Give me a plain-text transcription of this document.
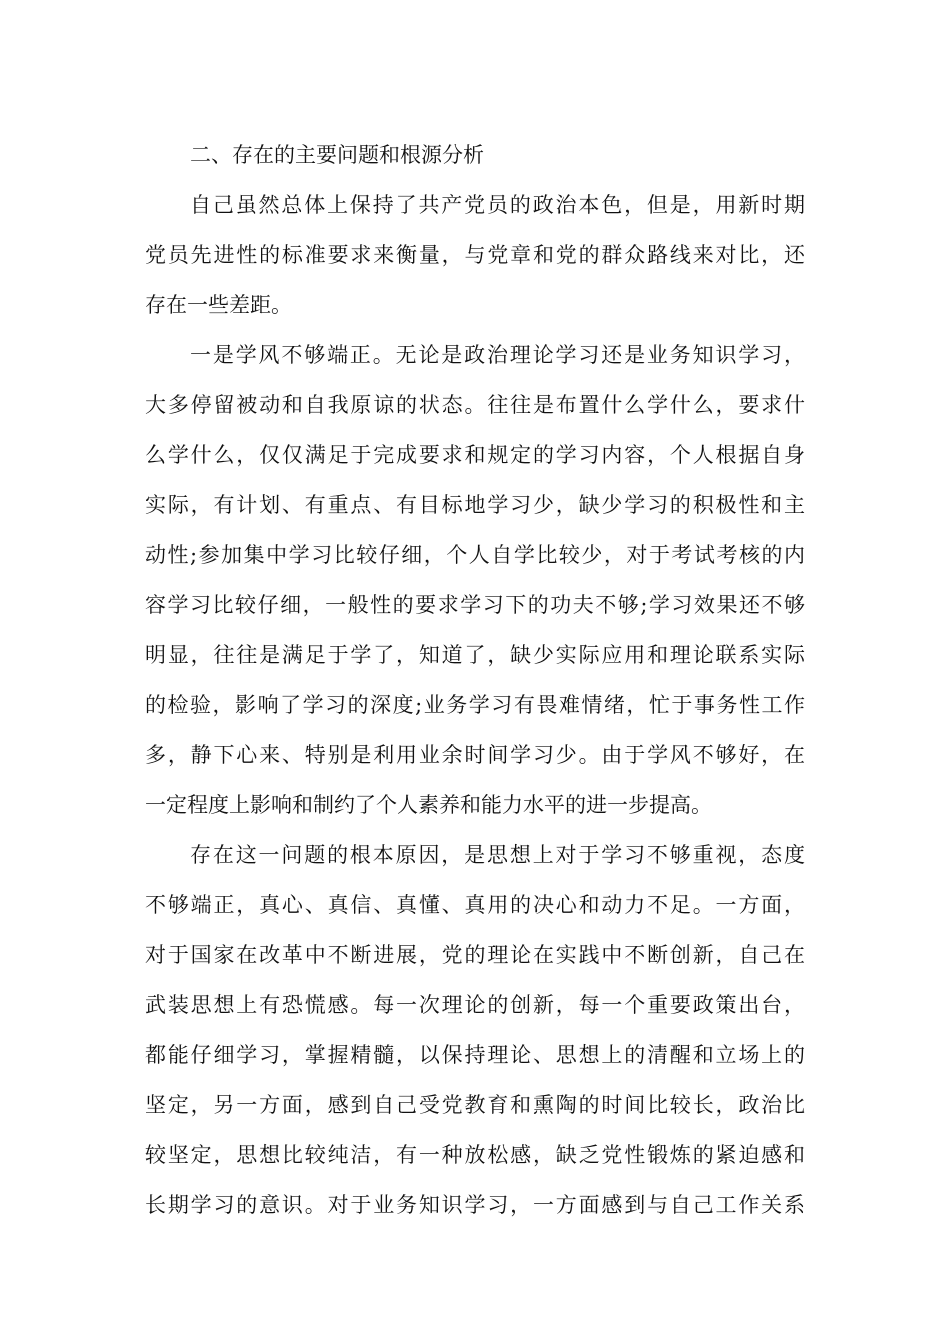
二、存在的主要问题和根源分析
自己虽然总体上保持了共产党员的政治本色，但是，用新时期
党员先进性的标准要求来衡量，与党章和党的群众路线来对比，还
存在一些差距。
一是学风不够端正。无论是政治理论学习还是业务知识学习，
大多停留被动和自我原谅的状态。往往是布置什么学什么，要求什
么学什么，仅仅满足于完成要求和规定的学习内容，个人根据自身
实际，有计划、有重点、有目标地学习少，缺少学习的积极性和主
动性;参加集中学习比较仔细，个人自学比较少，对于考试考核的内
容学习比较仔细，一般性的要求学习下的功夫不够;学习效果还不够
明显，往往是满足于学了，知道了，缺少实际应用和理论联系实际
的检验，影响了学习的深度;业务学习有畏难情绪，忙于事务性工作
多，静下心来、特别是利用业余时间学习少。由于学风不够好，在
一定程度上影响和制约了个人素养和能力水平的进一步提高。
存在这一问题的根本原因，是思想上对于学习不够重视，态度
不够端正，真心、真信、真懂、真用的决心和动力不足。一方面，
对于国家在改革中不断进展，党的理论在实践中不断创新，自己在
武装思想上有恐慌感。每一次理论的创新，每一个重要政策出台，
都能仔细学习，掌握精髓，以保持理论、思想上的清醒和立场上的
坚定，另一方面，感到自己受党教育和熏陶的时间比较长，政治比
较坚定，思想比较纯洁，有一种放松感，缺乏党性锻炼的紧迫感和
长期学习的意识。对于业务知识学习，一方面感到与自己工作关系
